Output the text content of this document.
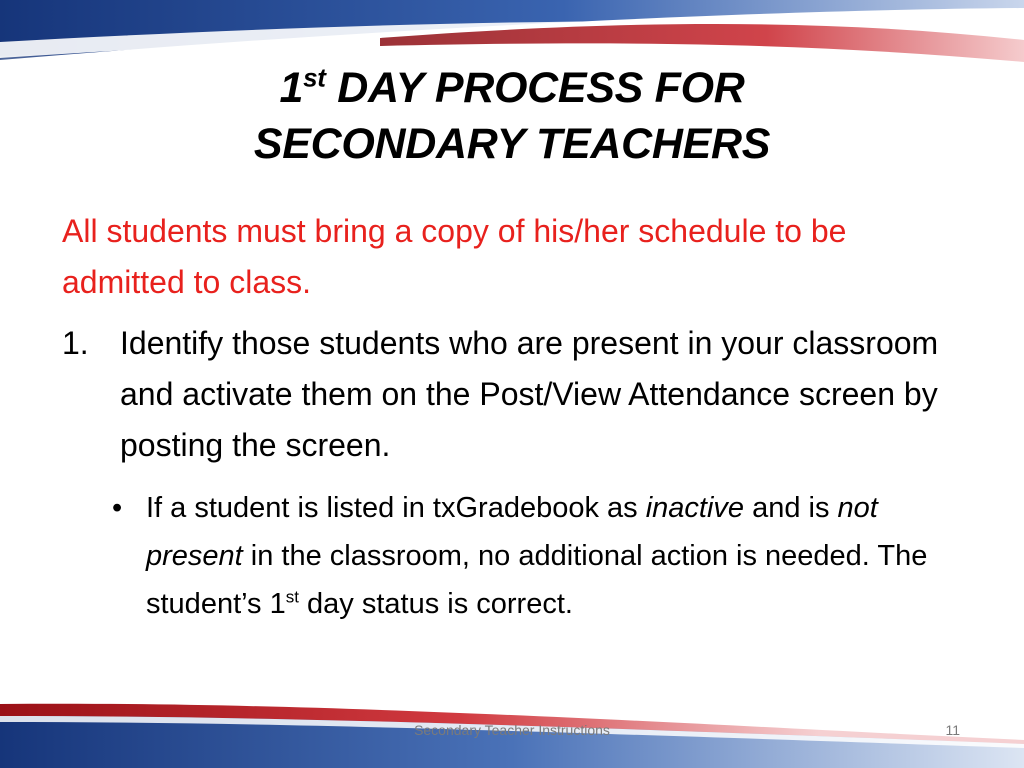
1st DAY PROCESS FOR
SECONDARY TEACHERS
All students must bring a copy of his/her schedule to be admitted to class.
1. Identify those students who are present in your classroom and activate them on the Post/View Attendance screen by posting the screen.
• If a student is listed in txGradebook as inactive and is not present in the classroom, no additional action is needed. The student’s 1st day status is correct.
Secondary Teacher Instructions	11
